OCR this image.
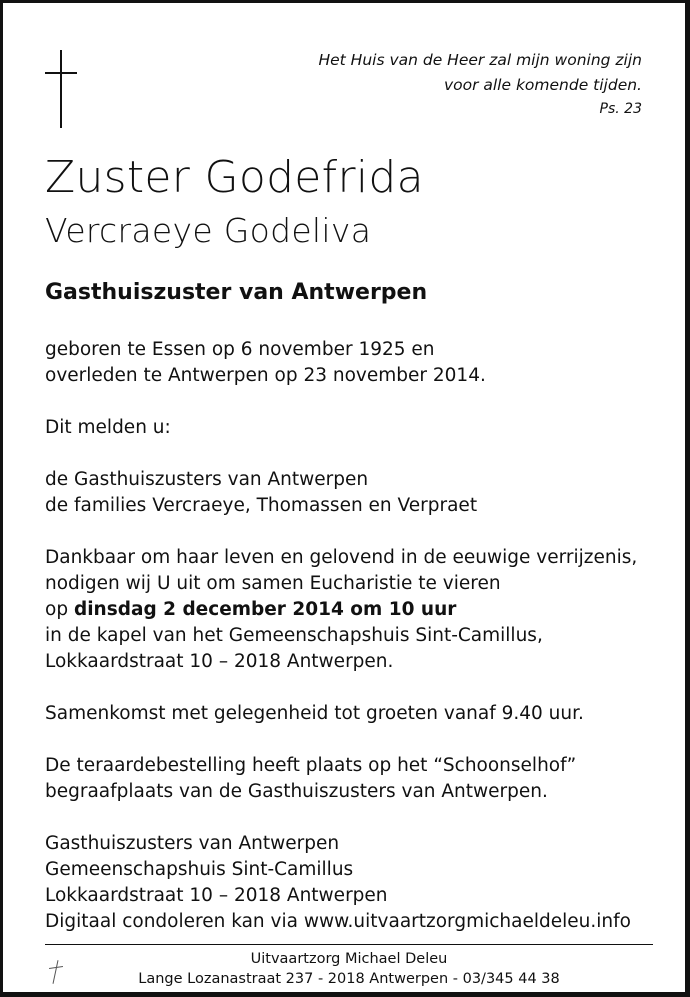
Het Huis van de Heer zal mijn woning zijn
voor alle komende tijden.
Ps. 23
Zuster Godefrida
Vercraeye Godeliva
Gasthuiszuster van Antwerpen

geboren te Essen op 6 november 1925 en

overleden te Antwerpen op 23 november 2014.

Dit melden u:

de Gasthuiszusters van Antwerpen

de families Vercraeye, Thomassen en Verpraet

Dankbaar om haar leven en gelovend in de eeuwige verrijzenis,

nodigen wij U uit om samen Eucharistie te vieren

op dinsdag 2 december 2014 om 10 uur

in de kapel van het Gemeenschapshuis Sint-Camillus,

Lokkaardstraat 10 – 2018 Antwerpen.

Samenkomst met gelegenheid tot groeten vanaf 9.40 uur.

De teraardebestelling heeft plaats op het “Schoonselhof”

begraafplaats van de Gasthuiszusters van Antwerpen.

Gasthuiszusters van Antwerpen

Gemeenschapshuis Sint-Camillus

Lokkaardstraat 10 – 2018 Antwerpen

Digitaal condoleren kan via www.uitvaartzorgmichaeldeleu.info

Uitvaartzorg Michael Deleu
Lange Lozanastraat 237 - 2018 Antwerpen - 03/345 44 38
